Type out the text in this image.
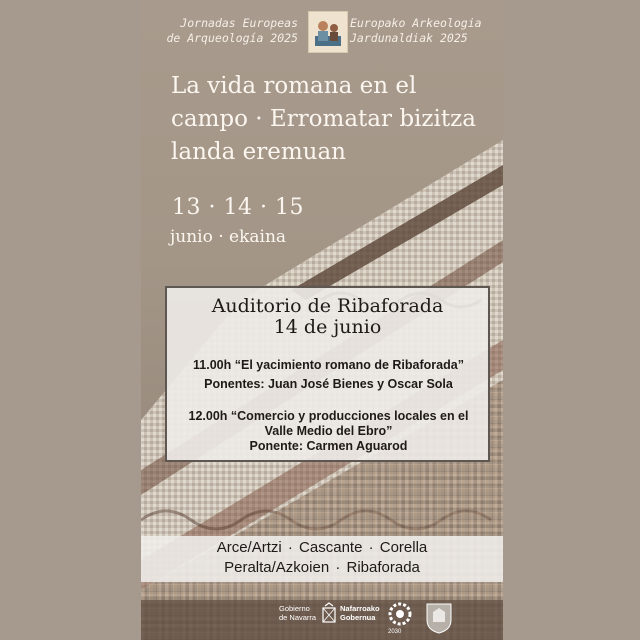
Jornadas Europeas
de Arqueología 2025
Europako Arkeologia
Jardunaldiak 2025
La vida romana en el
campo · Erromatar bizitza
landa eremuan
13 · 14 · 15
junio · ekaina
Auditorio de Ribaforada
14 de junio
11.00h “El yacimiento romano de Ribaforada”
Ponentes: Juan José Bienes y Oscar Sola
12.00h “Comercio y producciones locales en el
Valle Medio del Ebro”
Ponente: Carmen Aguarod
Arce/Artzi · Cascante · Corella
Peralta/Azkoien · Ribaforada
Gobierno
de Navarra
Nafarroako
Gobernua
2030
